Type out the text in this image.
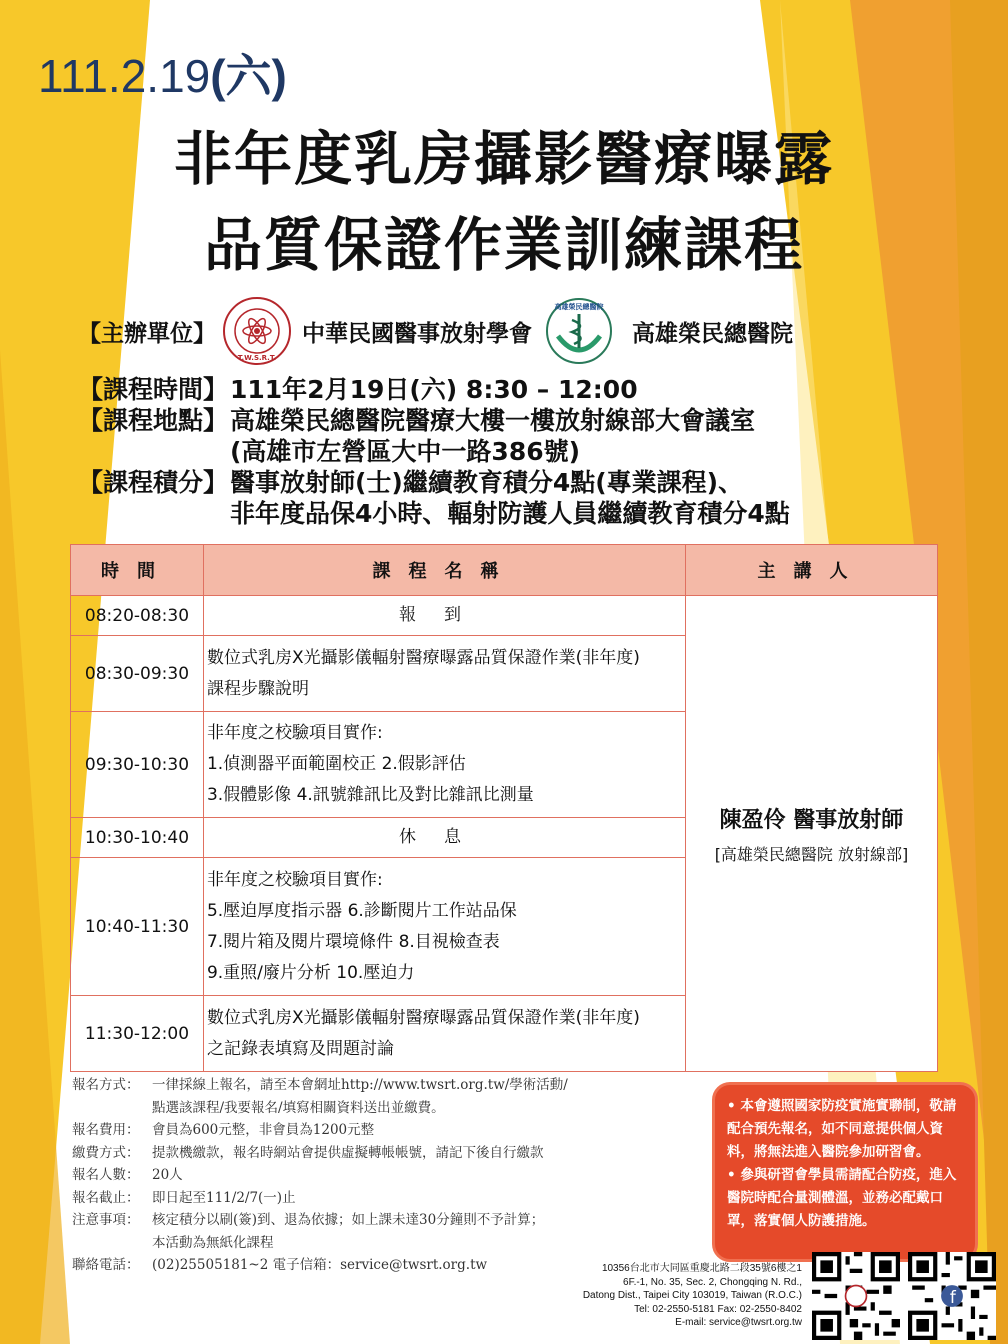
111.2.19(六)
非年度乳房攝影醫療曝露
品質保證作業訓練課程
【主辦單位】
T.W.S.R.T.
中華民國醫事放射學會
高雄榮民總醫院
高雄榮民總醫院
【課程時間】111年2月19日(六) 8:30 – 12:00
【課程地點】高雄榮民總醫院醫療大樓一樓放射線部大會議室
(高雄市左營區大中一路386號)
【課程積分】醫事放射師(士)繼續教育積分4點(專業課程)、
非年度品保4小時、輻射防護人員繼續教育積分4點
時間	課程名稱	主講人
08:20-08:30	報到	陳盈伶 醫事放射師
[高雄榮民總醫院 放射線部]

08:30-09:30	數位式乳房X光攝影儀輻射醫療曝露品質保證作業(非年度)
課程步驟說明	

09:30-10:30	非年度之校驗項目實作:
1.偵測器平面範圍校正 2.假影評估
3.假體影像 4.訊號雜訊比及對比雜訊比測量	

10:30-10:40	休息	
10:40-11:30	非年度之校驗項目實作:
5.壓迫厚度指示器 6.診斷閱片工作站品保
7.閱片箱及閱片環境條件 8.目視檢查表
9.重照/廢片分析 10.壓迫力	

11:30-12:00	數位式乳房X光攝影儀輻射醫療曝露品質保證作業(非年度)
之記錄表填寫及問題討論	
報名方式： 一律採線上報名，請至本會網址http://www.twsrt.org.tw/學術活動/
點選該課程/我要報名/填寫相關資料送出並繳費。
報名費用： 會員為600元整，非會員為1200元整
繳費方式： 提款機繳款，報名時網站會提供虛擬轉帳帳號，請記下後自行繳款
報名人數： 20人
報名截止： 即日起至111/2/7(一)止
注意事項： 核定積分以刷(簽)到、退為依據；如上課未達30分鐘則不予計算；
本活動為無紙化課程
聯絡電話： (02)25505181~2 電子信箱：service@twsrt.org.tw
• 本會遵照國家防疫實施實聯制，敬請配合預先報名，如不同意提供個人資料，將無法進入醫院參加研習會。
• 參與研習會學員需請配合防疫，進入醫院時配合量測體溫，並務必配戴口罩，落實個人防護措施。
10356台北市大同區重慶北路二段35號6樓之1
6F.-1, No. 35, Sec. 2, Chongqing N. Rd.,
Datong Dist., Taipei City 103019, Taiwan (R.O.C.)
Tel: 02-2550-5181 Fax: 02-2550-8402
E-mail: service@twsrt.org.tw
f
